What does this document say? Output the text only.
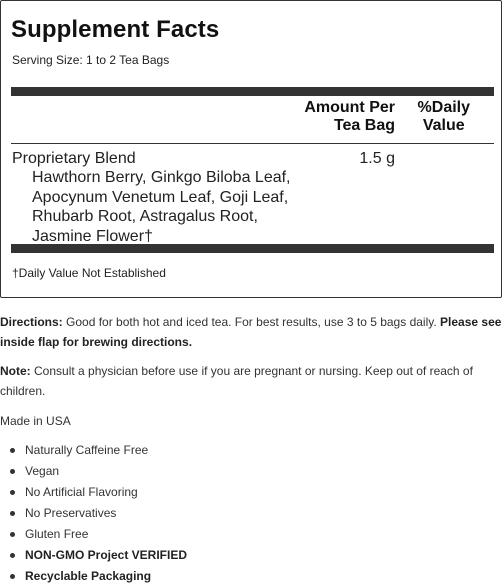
Supplement Facts
Serving Size: 1 to 2 Tea Bags
Amount Per
Tea Bag
%Daily
Value
Proprietary Blend	1.5 g
Hawthorn Berry, Ginkgo Biloba Leaf,
Apocynum Venetum Leaf, Goji Leaf,
Rhubarb Root, Astragalus Root,
Jasmine Flower†
†Daily Value Not Established
Directions: Good for both hot and iced tea. For best results, use 3 to 5 bags daily. Please see inside flap for brewing directions.
Note: Consult a physician before use if you are pregnant or nursing. Keep out of reach of children.
Made in USA
Naturally Caffeine Free
Vegan
No Artificial Flavoring
No Preservatives
Gluten Free
NON-GMO Project VERIFIED
Recyclable Packaging
